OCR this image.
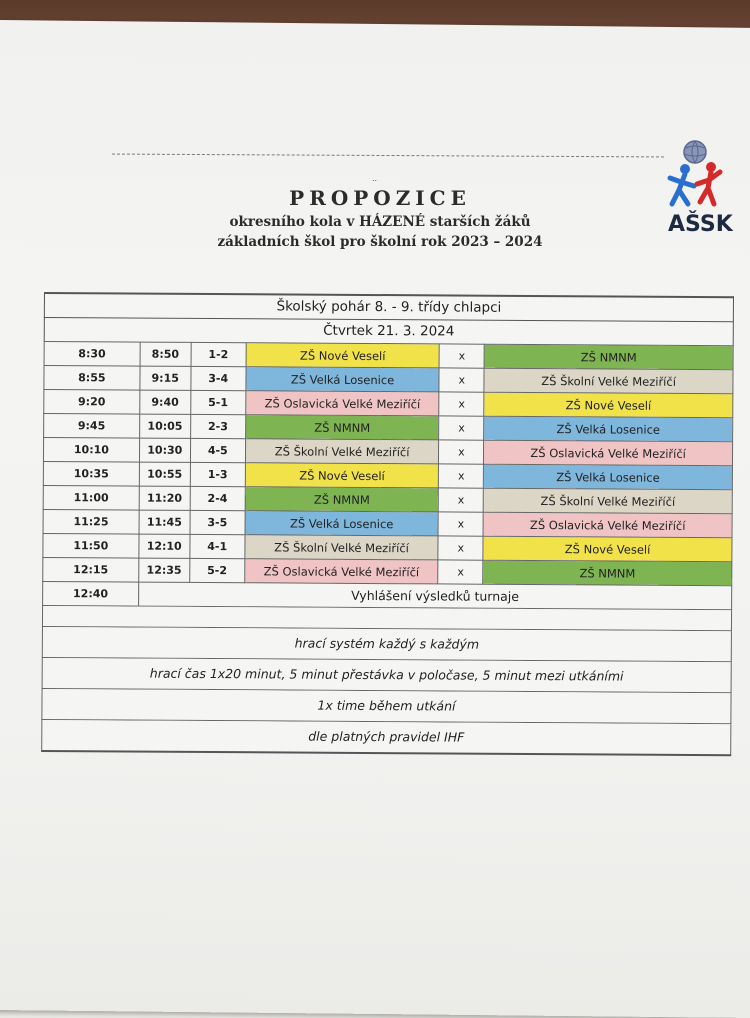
..
PROPOZICE
okresního kola v HÁZENÉ starších žáků
základních škol pro školní rok 2023 – 2024
AŠSK
Školský pohár 8. - 9. třídy chlapci
Čtvrtek 21. 3. 2024
8:30	8:50	1-2	ZŠ Nové Veselí	x	ZŠ NMNM
8:55	9:15	3-4	ZŠ Velká Losenice	x	ZŠ Školní Velké Meziříčí
9:20	9:40	5-1	ZŠ Oslavická Velké Meziříčí	x	ZŠ Nové Veselí
9:45	10:05	2-3	ZŠ NMNM	x	ZŠ Velká Losenice
10:10	10:30	4-5	ZŠ Školní Velké Meziříčí	x	ZŠ Oslavická Velké Meziříčí
10:35	10:55	1-3	ZŠ Nové Veselí	x	ZŠ Velká Losenice
11:00	11:20	2-4	ZŠ NMNM	x	ZŠ Školní Velké Meziříčí
11:25	11:45	3-5	ZŠ Velká Losenice	x	ZŠ Oslavická Velké Meziříčí
11:50	12:10	4-1	ZŠ Školní Velké Meziříčí	x	ZŠ Nové Veselí
12:15	12:35	5-2	ZŠ Oslavická Velké Meziříčí	x	ZŠ NMNM
12:40	Vyhlášení výsledků turnaje				
hrací systém každý s každým
hrací čas 1x20 minut, 5 minut přestávka v poločase, 5 minut mezi utkáními
1x time během utkání
dle platných pravidel IHF
